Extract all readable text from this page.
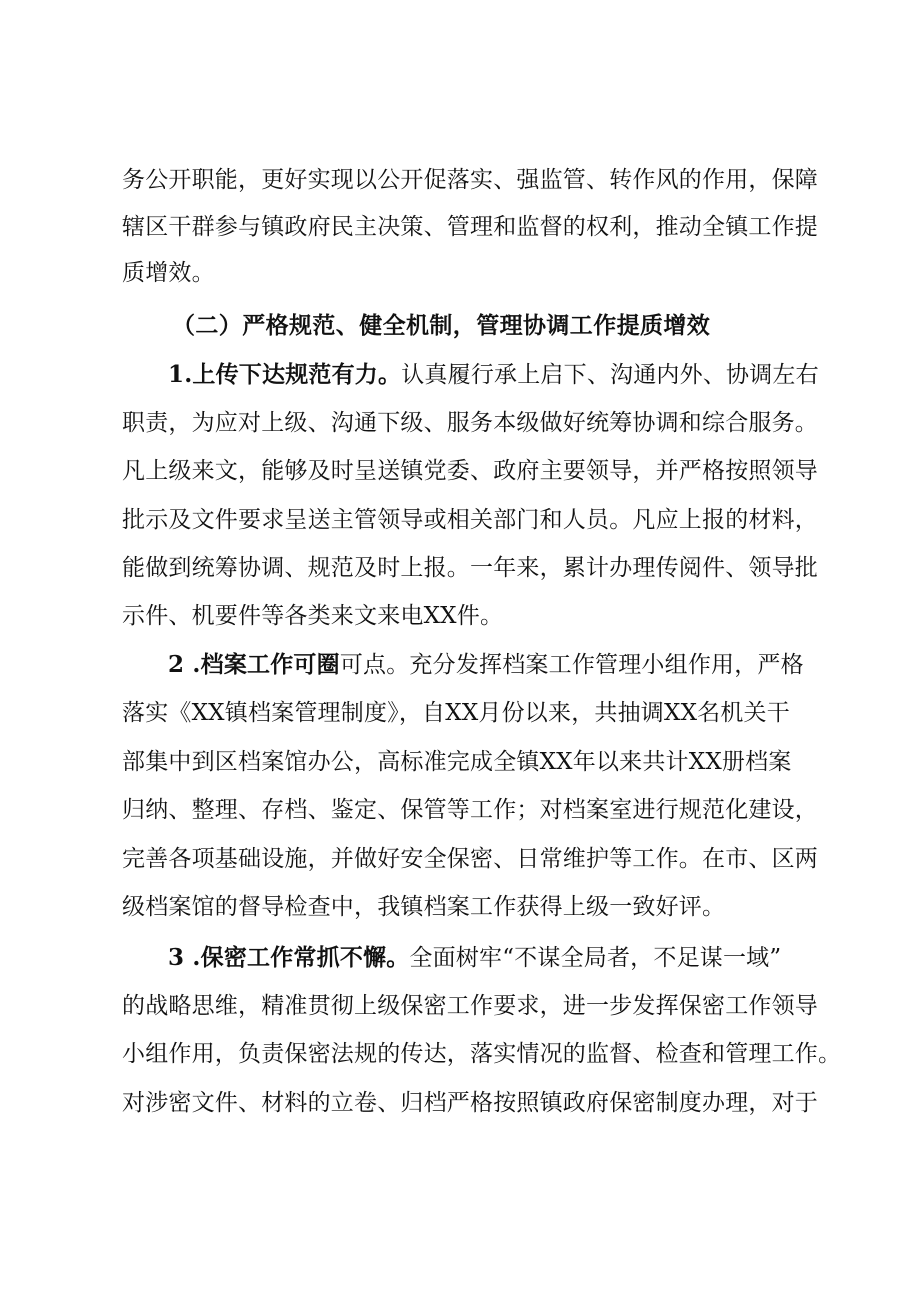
务公开职能，更好实现以公开促落实、强监管、转作风的作用，保障
辖区干群参与镇政府民主决策、管理和监督的权利，推动全镇工作提
质增效。
（二）严格规范、健全机制，管理协调工作提质增效
1.上传下达规范有力。认真履行承上启下、沟通内外、协调左右
职责，为应对上级、沟通下级、服务本级做好统筹协调和综合服务。
凡上级来文，能够及时呈送镇党委、政府主要领导，并严格按照领导
批示及文件要求呈送主管领导或相关部门和人员。凡应上报的材料，
能做到统筹协调、规范及时上报。一年来，累计办理传阅件、领导批
示件、机要件等各类来文来电XX件。
2 .档案工作可圈可点。充分发挥档案工作管理小组作用，严格
落实《XX镇档案管理制度》，自XX月份以来，共抽调XX名机关干
部集中到区档案馆办公，高标准完成全镇XX年以来共计XX册档案
归纳、整理、存档、鉴定、保管等工作；对档案室进行规范化建设，
完善各项基础设施，并做好安全保密、日常维护等工作。在市、区两
级档案馆的督导检查中，我镇档案工作获得上级一致好评。
3 .保密工作常抓不懈。全面树牢“不谋全局者，不足谋一域”
的战略思维，精准贯彻上级保密工作要求，进一步发挥保密工作领导
小组作用，负责保密法规的传达，落实情况的监督、检查和管理工作。
对涉密文件、材料的立卷、归档严格按照镇政府保密制度办理，对于
